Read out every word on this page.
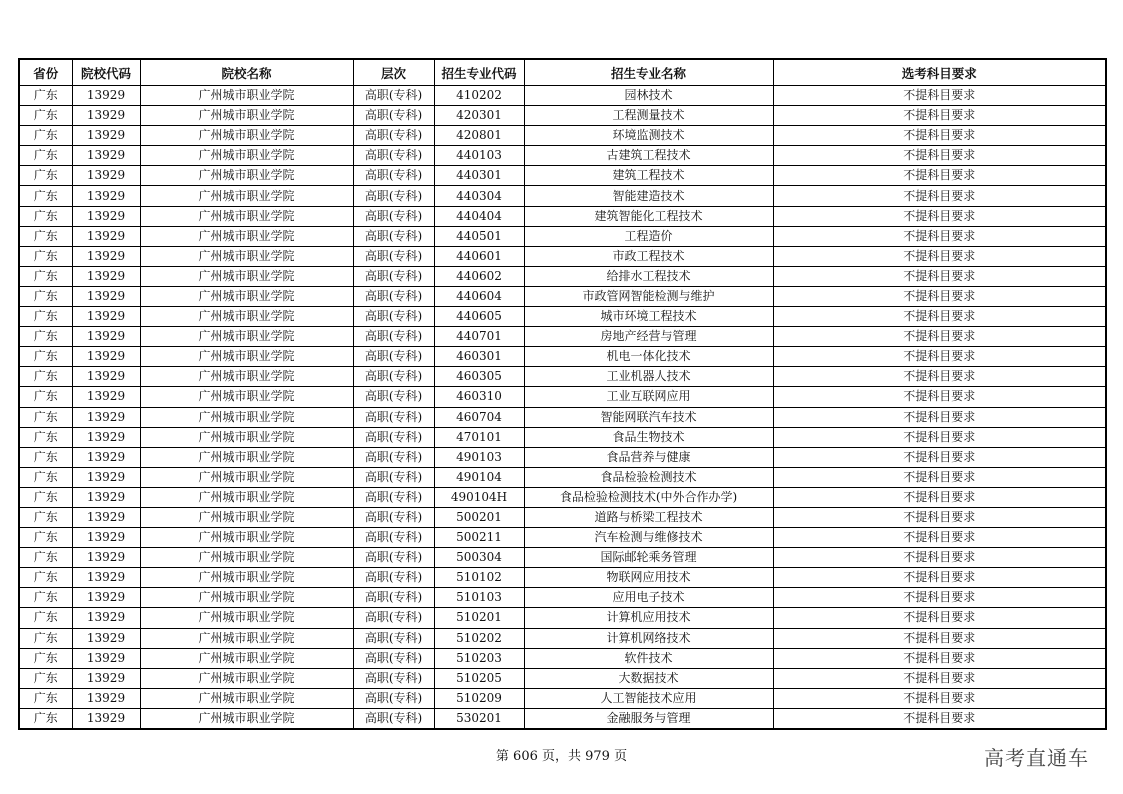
省份	院校代码	院校名称	层次	招生专业代码	招生专业名称	选考科目要求
广东	13929	广州城市职业学院	高职(专科)	410202	园林技术	不提科目要求
广东	13929	广州城市职业学院	高职(专科)	420301	工程测量技术	不提科目要求
广东	13929	广州城市职业学院	高职(专科)	420801	环境监测技术	不提科目要求
广东	13929	广州城市职业学院	高职(专科)	440103	古建筑工程技术	不提科目要求
广东	13929	广州城市职业学院	高职(专科)	440301	建筑工程技术	不提科目要求
广东	13929	广州城市职业学院	高职(专科)	440304	智能建造技术	不提科目要求
广东	13929	广州城市职业学院	高职(专科)	440404	建筑智能化工程技术	不提科目要求
广东	13929	广州城市职业学院	高职(专科)	440501	工程造价	不提科目要求
广东	13929	广州城市职业学院	高职(专科)	440601	市政工程技术	不提科目要求
广东	13929	广州城市职业学院	高职(专科)	440602	给排水工程技术	不提科目要求
广东	13929	广州城市职业学院	高职(专科)	440604	市政管网智能检测与维护	不提科目要求
广东	13929	广州城市职业学院	高职(专科)	440605	城市环境工程技术	不提科目要求
广东	13929	广州城市职业学院	高职(专科)	440701	房地产经营与管理	不提科目要求
广东	13929	广州城市职业学院	高职(专科)	460301	机电一体化技术	不提科目要求
广东	13929	广州城市职业学院	高职(专科)	460305	工业机器人技术	不提科目要求
广东	13929	广州城市职业学院	高职(专科)	460310	工业互联网应用	不提科目要求
广东	13929	广州城市职业学院	高职(专科)	460704	智能网联汽车技术	不提科目要求
广东	13929	广州城市职业学院	高职(专科)	470101	食品生物技术	不提科目要求
广东	13929	广州城市职业学院	高职(专科)	490103	食品营养与健康	不提科目要求
广东	13929	广州城市职业学院	高职(专科)	490104	食品检验检测技术	不提科目要求
广东	13929	广州城市职业学院	高职(专科)	490104H	食品检验检测技术(中外合作办学)	不提科目要求
广东	13929	广州城市职业学院	高职(专科)	500201	道路与桥梁工程技术	不提科目要求
广东	13929	广州城市职业学院	高职(专科)	500211	汽车检测与维修技术	不提科目要求
广东	13929	广州城市职业学院	高职(专科)	500304	国际邮轮乘务管理	不提科目要求
广东	13929	广州城市职业学院	高职(专科)	510102	物联网应用技术	不提科目要求
广东	13929	广州城市职业学院	高职(专科)	510103	应用电子技术	不提科目要求
广东	13929	广州城市职业学院	高职(专科)	510201	计算机应用技术	不提科目要求
广东	13929	广州城市职业学院	高职(专科)	510202	计算机网络技术	不提科目要求
广东	13929	广州城市职业学院	高职(专科)	510203	软件技术	不提科目要求
广东	13929	广州城市职业学院	高职(专科)	510205	大数据技术	不提科目要求
广东	13929	广州城市职业学院	高职(专科)	510209	人工智能技术应用	不提科目要求
广东	13929	广州城市职业学院	高职(专科)	530201	金融服务与管理	不提科目要求
第 606 页，共 979 页	高考直通车
